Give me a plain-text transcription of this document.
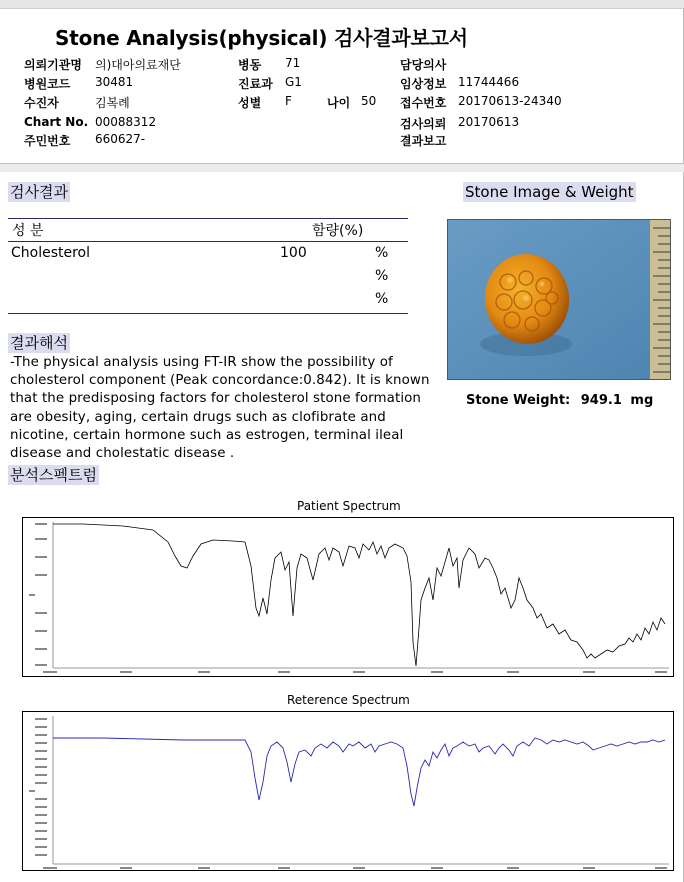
Stone Analysis(physical) 검사결과보고서
의뢰기관명 의)대아의료재단
병원코드 30481
수진자	김복례
Chart No. 00088312
주민번호 660627-
병동 71
진료과 G1
성별 F	나이 50
담당의사
임상정보 11744466
접수번호 20170613-24340
검사의뢰 20170613
결과보고
검사결과
성 분	함량(%)
Cholesterol	100	%
%
%
Stone Image & Weight
Stone Weight: 949.1 mg
결과해석
-The physical analysis using FT-IR show the possibility of cholesterol component (Peak concordance:0.842). It is known that the predisposing factors for cholesterol stone formation are obesity, aging, certain drugs such as clofibrate and nicotine, certain hormone such as estrogen, terminal ileal disease and cholestatic disease .
분석스펙트럼
Patient Spectrum
Reterence Spectrum
